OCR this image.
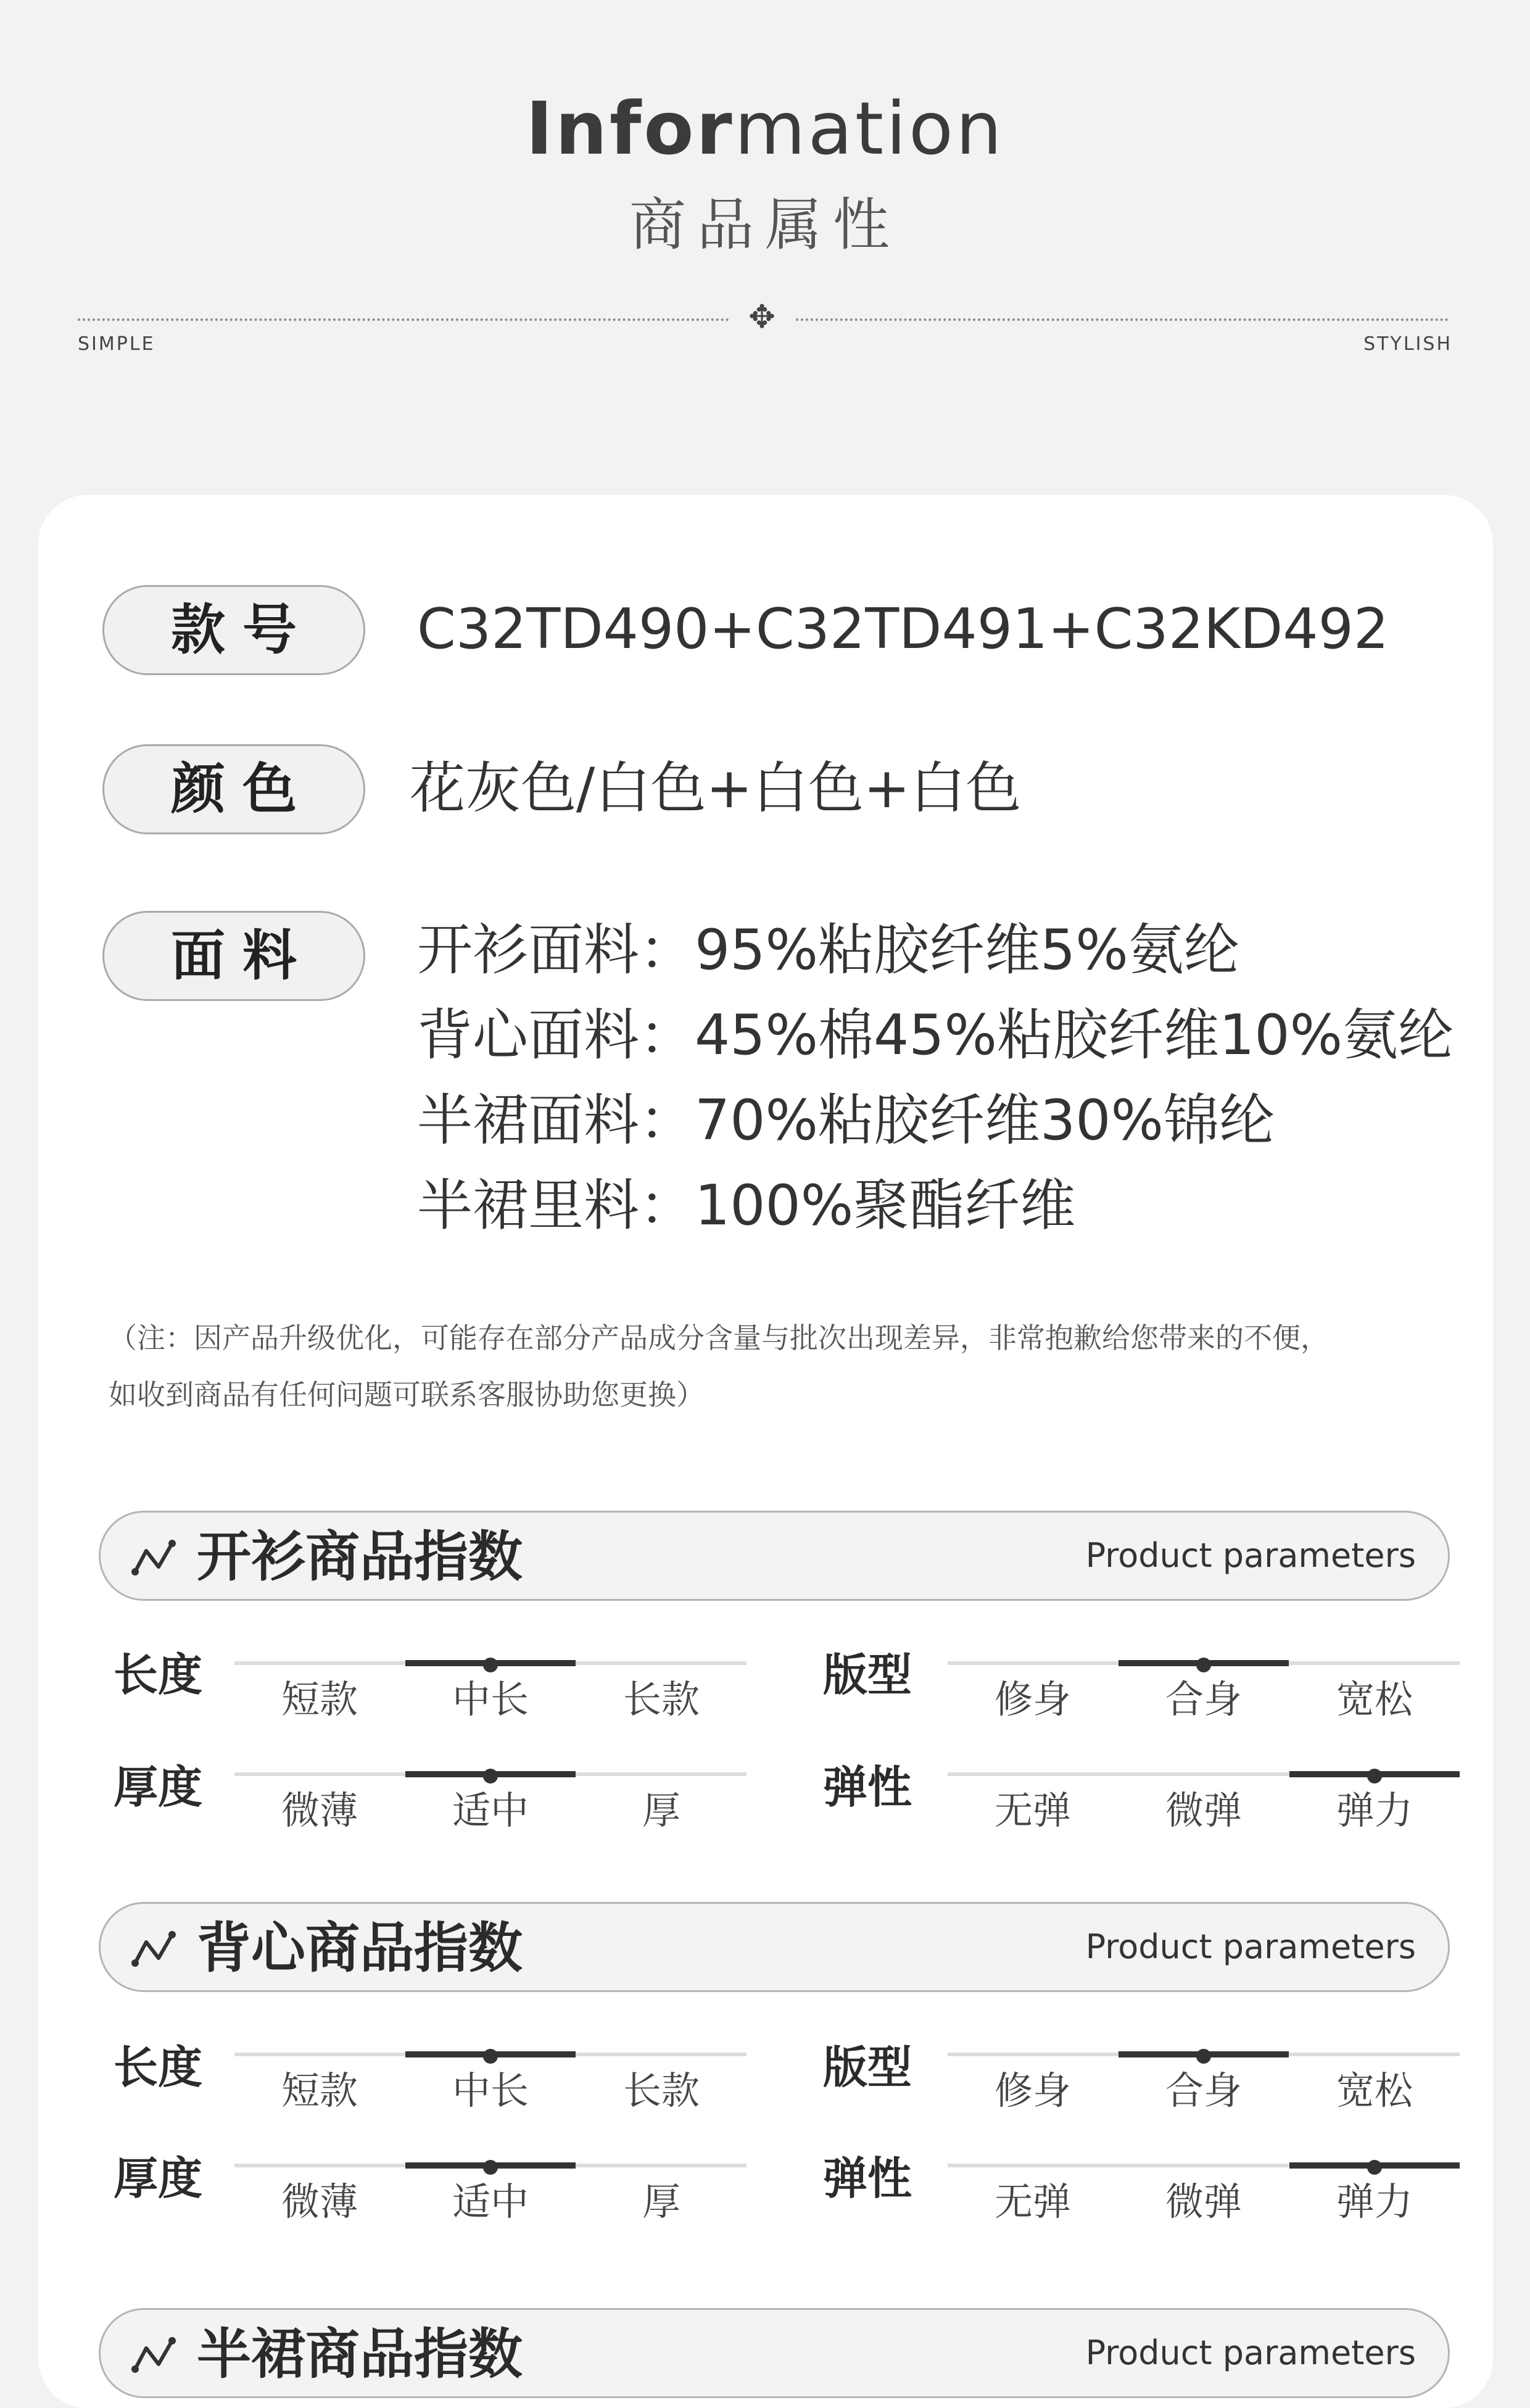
Information
商品属性
✥
SIMPLE	STYLISH
款号	C32TD490+C32TD491+C32KD492
颜色	花灰色/白色+白色+白色
面料	开衫面料：95%粘胶纤维5%氨纶
背心面料：45%棉45%粘胶纤维10%氨纶
半裙面料：70%粘胶纤维30%锦纶
半裙里料：100%聚酯纤维
（注：因产品升级优化，可能存在部分产品成分含量与批次出现差异，非常抱歉给您带来的不便，
如收到商品有任何问题可联系客服协助您更换）
开衫商品指数	Product parameters
长度	短款	中长	长款	版型	修身	合身	宽松
厚度	微薄	适中	厚	弹性	无弹	微弹	弹力
背心商品指数	Product parameters
长度	短款	中长	长款	版型	修身	合身	宽松
厚度	微薄	适中	厚	弹性	无弹	微弹	弹力
半裙商品指数	Product parameters
